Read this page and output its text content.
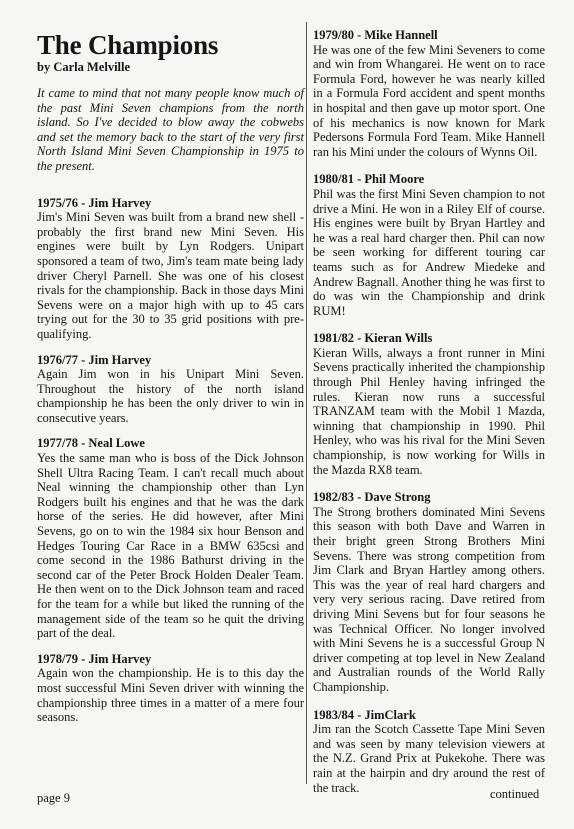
The Champions
by Carla Melville
It came to mind that not many people know much of the past Mini Seven champions from the north island. So I've decided to blow away the cobwebs and set the memory back to the start of the very first North Island Mini Seven Championship in 1975 to the present.
1975/76 - Jim Harvey

Jim's Mini Seven was built from a brand new shell - probably the first brand new Mini Seven. His engines were built by Lyn Rodgers. Unipart sponsored a team of two, Jim's team mate being lady driver Cheryl Parnell. She was one of his closest rivals for the championship. Back in those days Mini Sevens were on a major high with up to 45 cars trying out for the 30 to 35 grid positions with pre-qualifying.

1976/77 - Jim Harvey

Again Jim won in his Unipart Mini Seven. Throughout the history of the north island championship he has been the only driver to win in consecutive years.

1977/78 - Neal Lowe

Yes the same man who is boss of the Dick Johnson Shell Ultra Racing Team. I can't recall much about Neal winning the championship other than Lyn Rodgers built his engines and that he was the dark horse of the series. He did however, after Mini Sevens, go on to win the 1984 six hour Benson and Hedges Touring Car Race in a BMW 635csi and come second in the 1986 Bathurst driving in the second car of the Peter Brock Holden Dealer Team. He then went on to the Dick Johnson team and raced for the team for a while but liked the running of the management side of the team so he quit the driving part of the deal.

1978/79 - Jim Harvey

Again won the championship. He is to this day the most successful Mini Seven driver with winning the championship three times in a matter of a mere four seasons.

1979/80 - Mike Hannell

He was one of the few Mini Seveners to come and win from Whangarei. He went on to race Formula Ford, however he was nearly killed in a Formula Ford accident and spent months in hospital and then gave up motor sport. One of his mechanics is now known for Mark Pedersons Formula Ford Team. Mike Hannell ran his Mini under the colours of Wynns Oil.

1980/81 - Phil Moore

Phil was the first Mini Seven champion to not drive a Mini. He won in a Riley Elf of course. His engines were built by Bryan Hartley and he was a real hard charger then. Phil can now be seen working for different touring car teams such as for Andrew Miedeke and Andrew Bagnall. Another thing he was first to do was win the Championship and drink RUM!

1981/82 - Kieran Wills

Kieran Wills, always a front runner in Mini Sevens practically inherited the championship through Phil Henley having infringed the rules. Kieran now runs a successful TRANZAM team with the Mobil 1 Mazda, winning that championship in 1990. Phil Henley, who was his rival for the Mini Seven championship, is now working for Wills in the Mazda RX8 team.

1982/83 - Dave Strong

The Strong brothers dominated Mini Sevens this season with both Dave and Warren in their bright green Strong Brothers Mini Sevens. There was strong competition from Jim Clark and Bryan Hartley among others. This was the year of real hard chargers and very very serious racing. Dave retired from driving Mini Sevens but for four seasons he was Technical Officer. No longer involved with Mini Sevens he is a successful Group N driver competing at top level in New Zealand and Australian rounds of the World Rally Championship.

1983/84 - JimClark

Jim ran the Scotch Cassette Tape Mini Seven and was seen by many television viewers at the N.Z. Grand Prix at Pukekohe. There was rain at the hairpin and dry around the rest of the track.

page 9	continued
